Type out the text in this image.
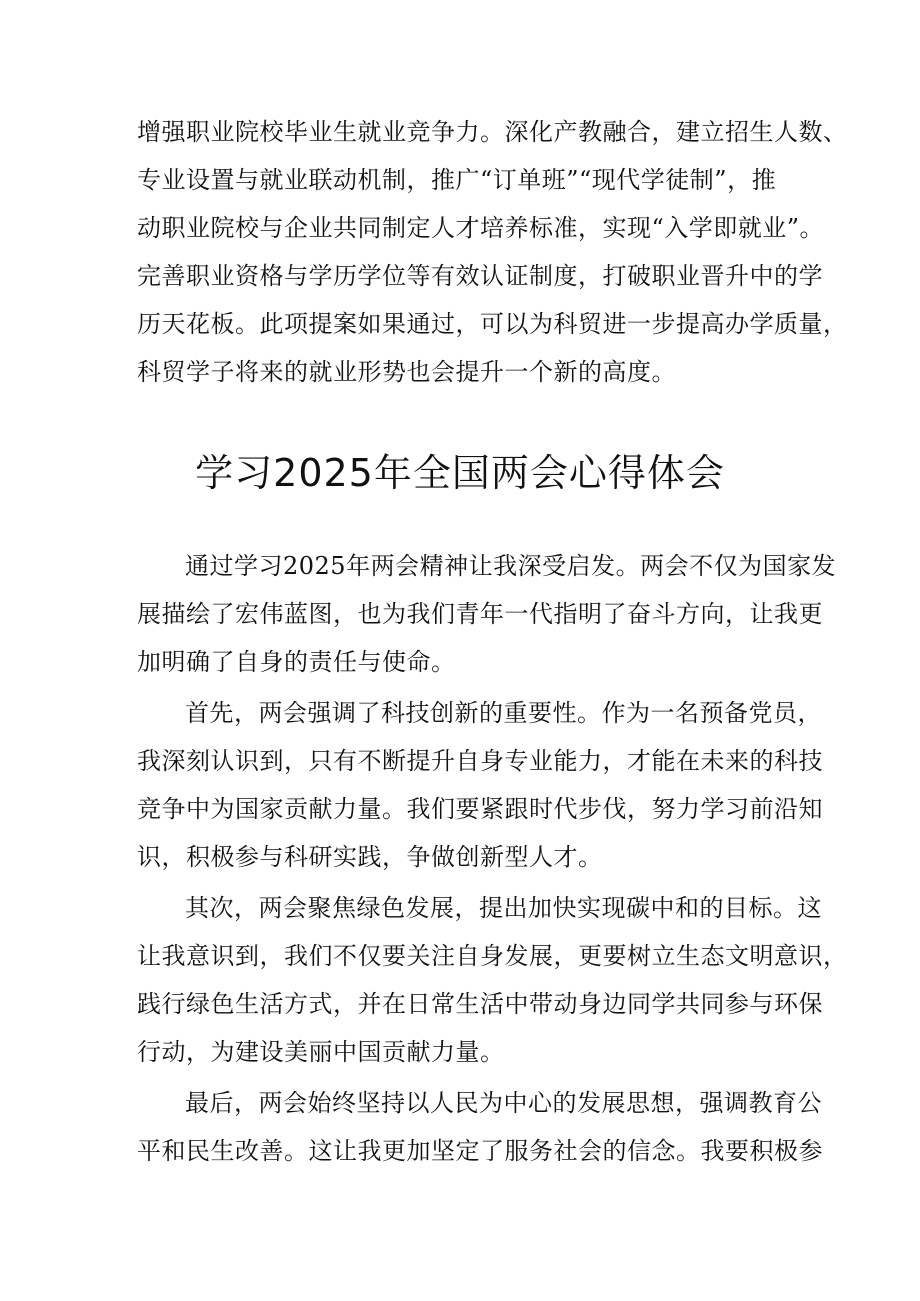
增强职业院校毕业生就业竞争力。深化产教融合，建立招生人数、

专业设置与就业联动机制，推广“订单班”“现代学徒制”，推

动职业院校与企业共同制定人才培养标准，实现“入学即就业”。

完善职业资格与学历学位等有效认证制度，打破职业晋升中的学

历天花板。此项提案如果通过，可以为科贸进一步提高办学质量，

科贸学子将来的就业形势也会提升一个新的高度。

学习2025年全国两会心得体会

通过学习2025年两会精神让我深受启发。两会不仅为国家发

展描绘了宏伟蓝图，也为我们青年一代指明了奋斗方向，让我更

加明确了自身的责任与使命。

首先，两会强调了科技创新的重要性。作为一名预备党员，

我深刻认识到，只有不断提升自身专业能力，才能在未来的科技

竞争中为国家贡献力量。我们要紧跟时代步伐，努力学习前沿知

识，积极参与科研实践，争做创新型人才。

其次，两会聚焦绿色发展，提出加快实现碳中和的目标。这

让我意识到，我们不仅要关注自身发展，更要树立生态文明意识，

践行绿色生活方式，并在日常生活中带动身边同学共同参与环保

行动，为建设美丽中国贡献力量。

最后，两会始终坚持以人民为中心的发展思想，强调教育公

平和民生改善。这让我更加坚定了服务社会的信念。我要积极参
